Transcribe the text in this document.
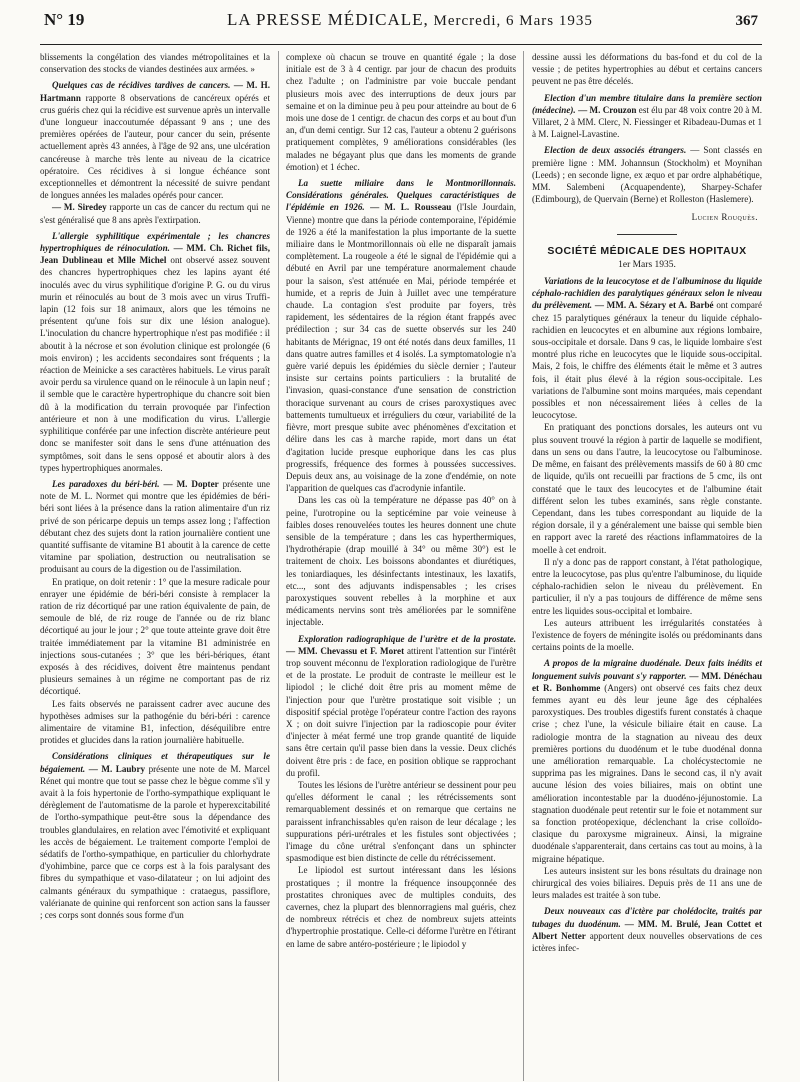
N° 19	LA PRESSE MÉDICALE, Mercredi, 6 Mars 1935	367

blissements la congélation des viandes métropolitaines et la conservation des stocks de viandes destinées aux armées. »

Quelques cas de récidives tardives de cancers. — M. H. Hartmann rapporte 8 observations de cancéreux opérés et crus guéris chez qui la récidive est survenue après un intervalle d'une longueur inaccoutumée dépassant 9 ans ; une des premières opérées de l'auteur, pour cancer du sein, présente actuellement après 43 années, à l'âge de 92 ans, une ulcération cancéreuse à marche très lente au niveau de la cicatrice opératoire. Ces récidives à si longue échéance sont exceptionnelles et démontrent la nécessité de suivre pendant de longues années les malades opérés pour cancer.

— M. Siredey rapporte un cas de cancer du rectum qui ne s'est généralisé que 8 ans après l'extirpation.

L'allergie syphilitique expérimentale ; les chancres hypertrophiques de réinoculation. — MM. Ch. Richet fils, Jean Dublineau et Mlle Michel ont observé assez souvent des chancres hypertrophiques chez les lapins ayant été inoculés avec du virus syphilitique d'origine P. G. ou du virus murin et réinoculés au bout de 3 mois avec un virus Truffi-lapin (12 fois sur 18 animaux, alors que les témoins ne présentent qu'une fois sur dix une lésion analogue). L'inoculation du chancre hypertrophique n'est pas modifiée : il aboutit à la nécrose et son évolution clinique est prolongée (6 mois environ) ; les accidents secondaires sont fréquents ; la réaction de Meinicke a ses caractères habituels. Le virus paraît avoir perdu sa virulence quand on le réinocule à un lapin neuf ; il semble que le caractère hypertrophique du chancre soit bien dû à la modification du terrain provoquée par l'infection antérieure et non à une modification du virus. L'allergie syphilitique conférée par une infection discrète antérieure peut donc se manifester soit dans le sens d'une atténuation des symptômes, soit dans le sens opposé et aboutir alors à des types hypertrophiques anormales.

Les paradoxes du béri-béri. — M. Dopter présente une note de M. L. Normet qui montre que les épidémies de béri-béri sont liées à la présence dans la ration alimentaire d'un riz privé de son péricarpe depuis un temps assez long ; l'affection débutant chez des sujets dont la ration journalière contient une quantité suffisante de vitamine B1 aboutit à la carence de cette vitamine par spoliation, destruction ou neutralisation se produisant au cours de la digestion ou de l'assimilation.

En pratique, on doit retenir : 1° que la mesure radicale pour enrayer une épidémie de béri-béri consiste à remplacer la ration de riz décortiqué par une ration équivalente de pain, de semoule de blé, de riz rouge de l'année ou de riz blanc décortiqué au jour le jour ; 2° que toute atteinte grave doit être traitée immédiatement par la vitamine B1 administrée en injections sous-cutanées ; 3° que les béri-bériques, étant exposés à des récidives, doivent être maintenus pendant plusieurs semaines à un régime ne comportant pas de riz décortiqué.

Les faits observés ne paraissent cadrer avec aucune des hypothèses admises sur la pathogénie du béri-béri : carence alimentaire de vitamine B1, infection, déséquilibre entre protides et glucides dans la ration journalière habituelle.

Considérations cliniques et thérapeutiques sur le bégaiement. — M. Laubry présente une note de M. Marcel Rénet qui montre que tout se passe chez le bègue comme s'il y avait à la fois hypertonie de l'ortho-sympathique expliquant le dérèglement de l'automatisme de la parole et hyperexcitabilité de l'ortho-sympathique peut-être sous la dépendance des troubles glandulaires, en relation avec l'émotivité et expliquant les accès de bégaiement. Le traitement comporte l'emploi de sédatifs de l'ortho-sympathique, en particulier du chlorhydrate d'yohimbine, parce que ce corps est à la fois paralysant des fibres du sympathique et vaso-dilatateur ; on lui adjoint des calmants généraux du sympathique : crataegus, passiflore, valérianate de quinine qui renforcent son action sans la fausser ; ces corps sont donnés sous forme d'un

complexe où chacun se trouve en quantité égale ; la dose initiale est de 3 à 4 centigr. par jour de chacun des produits chez l'adulte ; on l'administre par voie buccale pendant plusieurs mois avec des interruptions de deux jours par semaine et on la diminue peu à peu pour atteindre au bout de 6 mois une dose de 1 centigr. de chacun des corps et au bout d'un an, d'un demi centigr. Sur 12 cas, l'auteur a obtenu 2 guérisons pratiquement complètes, 9 améliorations considérables (les malades ne bégayant plus que dans les moments de grande émotion) et 1 échec.

La suette miliaire dans le Montmorillonnais. Considérations générales. Quelques caractéristiques de l'épidémie en 1926. — M. L. Rousseau (l'Isle Jourdain, Vienne) montre que dans la période contemporaine, l'épidémie de 1926 a été la manifestation la plus importante de la suette miliaire dans le Montmorillonnais où elle ne disparaît jamais complètement. La rougeole a été le signal de l'épidémie qui a débuté en Avril par une température anormalement chaude pour la saison, s'est atténuée en Mai, période tempérée et humide, et a repris de Juin à Juillet avec une température chaude. La contagion s'est produite par foyers, très rapidement, les sédentaires de la région étant frappés avec prédilection ; sur 34 cas de suette observés sur les 240 habitants de Mérignac, 19 ont été notés dans deux familles, 11 dans quatre autres familles et 4 isolés. La symptomatologie n'a guère varié depuis les épidémies du siècle dernier ; l'auteur insiste sur certains points particuliers : la brutalité de l'invasion, quasi-constance d'une sensation de constriction thoracique survenant au cours de crises paroxystiques avec battements tumultueux et irréguliers du cœur, variabilité de la fièvre, mort presque subite avec phénomènes d'excitation et délire dans les cas à marche rapide, mort dans un état d'agitation lucide presque euphorique dans les cas plus progressifs, fréquence des formes à poussées successives. Depuis deux ans, au voisinage de la zone d'endémie, on note l'apparition de quelques cas d'acrodynie infantile.

Dans les cas où la température ne dépasse pas 40° on à peine, l'urotropine ou la septicémine par voie veineuse à faibles doses renouvelées toutes les heures donnent une chute sensible de la température ; dans les cas hyperthermiques, l'hydrothérapie (drap mouillé à 34° ou même 30°) est le traitement de choix. Les boissons abondantes et diurétiques, les toniardiaques, les désinfectants intestinaux, les laxatifs, etc..., sont des adjuvants indispensables ; les crises paroxystiques souvent rebelles à la morphine et aux médicaments nervins sont très améliorées par le somnifène injectable.

Exploration radiographique de l'urètre et de la prostate. — MM. Chevassu et F. Moret attirent l'attention sur l'intérêt trop souvent méconnu de l'exploration radiologique de l'urètre et de la prostate. Le produit de contraste le meilleur est le lipiodol ; le cliché doit être pris au moment même de l'injection pour que l'urètre prostatique soit visible ; un dispositif spécial protège l'opérateur contre l'action des rayons X ; on doit suivre l'injection par la radioscopie pour éviter d'injecter à méat fermé une trop grande quantité de liquide sans être certain qu'il passe bien dans la vessie. Deux clichés doivent être pris : de face, en position oblique se rapprochant du profil.

Toutes les lésions de l'urètre antérieur se dessinent pour peu qu'elles déforment le canal ; les rétrécissements sont remarquablement dessinés et on remarque que certains ne paraissent infranchissables qu'en raison de leur décalage ; les suppurations péri-urétrales et les fistules sont objectivées ; l'image du cône urétral s'enfonçant dans un sphincter spasmodique est bien distincte de celle du rétrécissement.

Le lipiodol est surtout intéressant dans les lésions prostatiques ; il montre la fréquence insoupçonnée des prostatites chroniques avec de multiples conduits, des cavernes, chez la plupart des blennorragiens mal guéris, chez de nombreux rétrécis et chez de nombreux sujets atteints d'hypertrophie prostatique. Celle-ci déforme l'urètre en l'étirant en lame de sabre antéro-postérieure ; le lipiodol y

dessine aussi les déformations du bas-fond et du col de la vessie ; de petites hypertrophies au début et certains cancers peuvent ne pas être décelés.

Election d'un membre titulaire dans la première section (médecine). — M. Crouzon est élu par 48 voix contre 20 à M. Villaret, 2 à MM. Clerc, N. Fiessinger et Ribadeau-Dumas et 1 à M. Laignel-Lavastine.

Election de deux associés étrangers. — Sont classés en première ligne : MM. Johannsun (Stockholm) et Moynihan (Leeds) ; en seconde ligne, ex æquo et par ordre alphabétique, MM. Salembeni (Acquapendente), Sharpey-Schafer (Edimbourg), de Quervain (Berne) et Rolleston (Haslemere).

Lucien Rouquès.
SOCIÉTÉ MÉDICALE DES HOPITAUX
1er Mars 1935.

Variations de la leucocytose et de l'albuminose du liquide céphalo-rachidien des paralytiques généraux selon le niveau du prélèvement. — MM. A. Sézary et A. Barbé ont comparé chez 15 paralytiques généraux la teneur du liquide céphalo-rachidien en leucocytes et en albumine aux régions lombaire, sous-occipitale et dorsale. Dans 9 cas, le liquide lombaire s'est montré plus riche en leucocytes que le liquide sous-occipital. Mais, 2 fois, le chiffre des éléments était le même et 3 autres fois, il était plus élevé à la région sous-occipitale. Les variations de l'albumine sont moins marquées, mais cependant possibles et non nécessairement liées à celles de la leucocytose.

En pratiquant des ponctions dorsales, les auteurs ont vu plus souvent trouvé la région à partir de laquelle se modifient, dans un sens ou dans l'autre, la leucocytose ou l'albuminose. De même, en faisant des prélèvements massifs de 60 à 80 cmc de liquide, qu'ils ont recueilli par fractions de 5 cmc, ils ont constaté que le taux des leucocytes et de l'albumine était différent selon les tubes examinés, sans règle constante. Cependant, dans les tubes correspondant au liquide de la région dorsale, il y a généralement une baisse qui semble bien en rapport avec la rareté des réactions inflammatoires de la moelle à cet endroit.

Il n'y a donc pas de rapport constant, à l'état pathologique, entre la leucocytose, pas plus qu'entre l'albuminose, du liquide céphalo-rachidien selon le niveau du prélèvement. En particulier, il n'y a pas toujours de différence de même sens entre les liquides sous-occipital et lombaire.

Les auteurs attribuent les irrégularités constatées à l'existence de foyers de méningite isolés ou prédominants dans certains points de la moelle.

A propos de la migraine duodénale. Deux faits inédits et longuement suivis pouvant s'y rapporter. — MM. Dénéchau et R. Bonhomme (Angers) ont observé ces faits chez deux femmes ayant eu dès leur jeune âge des céphalées paroxystiques. Des troubles digestifs furent constatés à chaque crise ; chez l'une, la vésicule biliaire était en cause. La radiologie montra de la stagnation au niveau des deux premières portions du duodénum et le tube duodénal donna une amélioration remarquable. La cholécystectomie ne supprima pas les migraines. Dans le second cas, il n'y avait aucune lésion des voies biliaires, mais on obtint une amélioration incontestable par la duodéno-jéjunostomie. La stagnation duodénale peut retentir sur le foie et notamment sur sa fonction protéopexique, déclenchant la crise colloïdo-clasique du paroxysme migraineux. Ainsi, la migraine duodénale s'apparenterait, dans certains cas tout au moins, à la migraine hépatique.

Les auteurs insistent sur les bons résultats du drainage non chirurgical des voies biliaires. Depuis près de 11 ans une de leurs malades est traitée à son tube.

Deux nouveaux cas d'ictère par cholédocite, traités par tubages du duodénum. — MM. M. Brulé, Jean Cottet et Albert Netter apportent deux nouvelles observations de ces ictères infec-
